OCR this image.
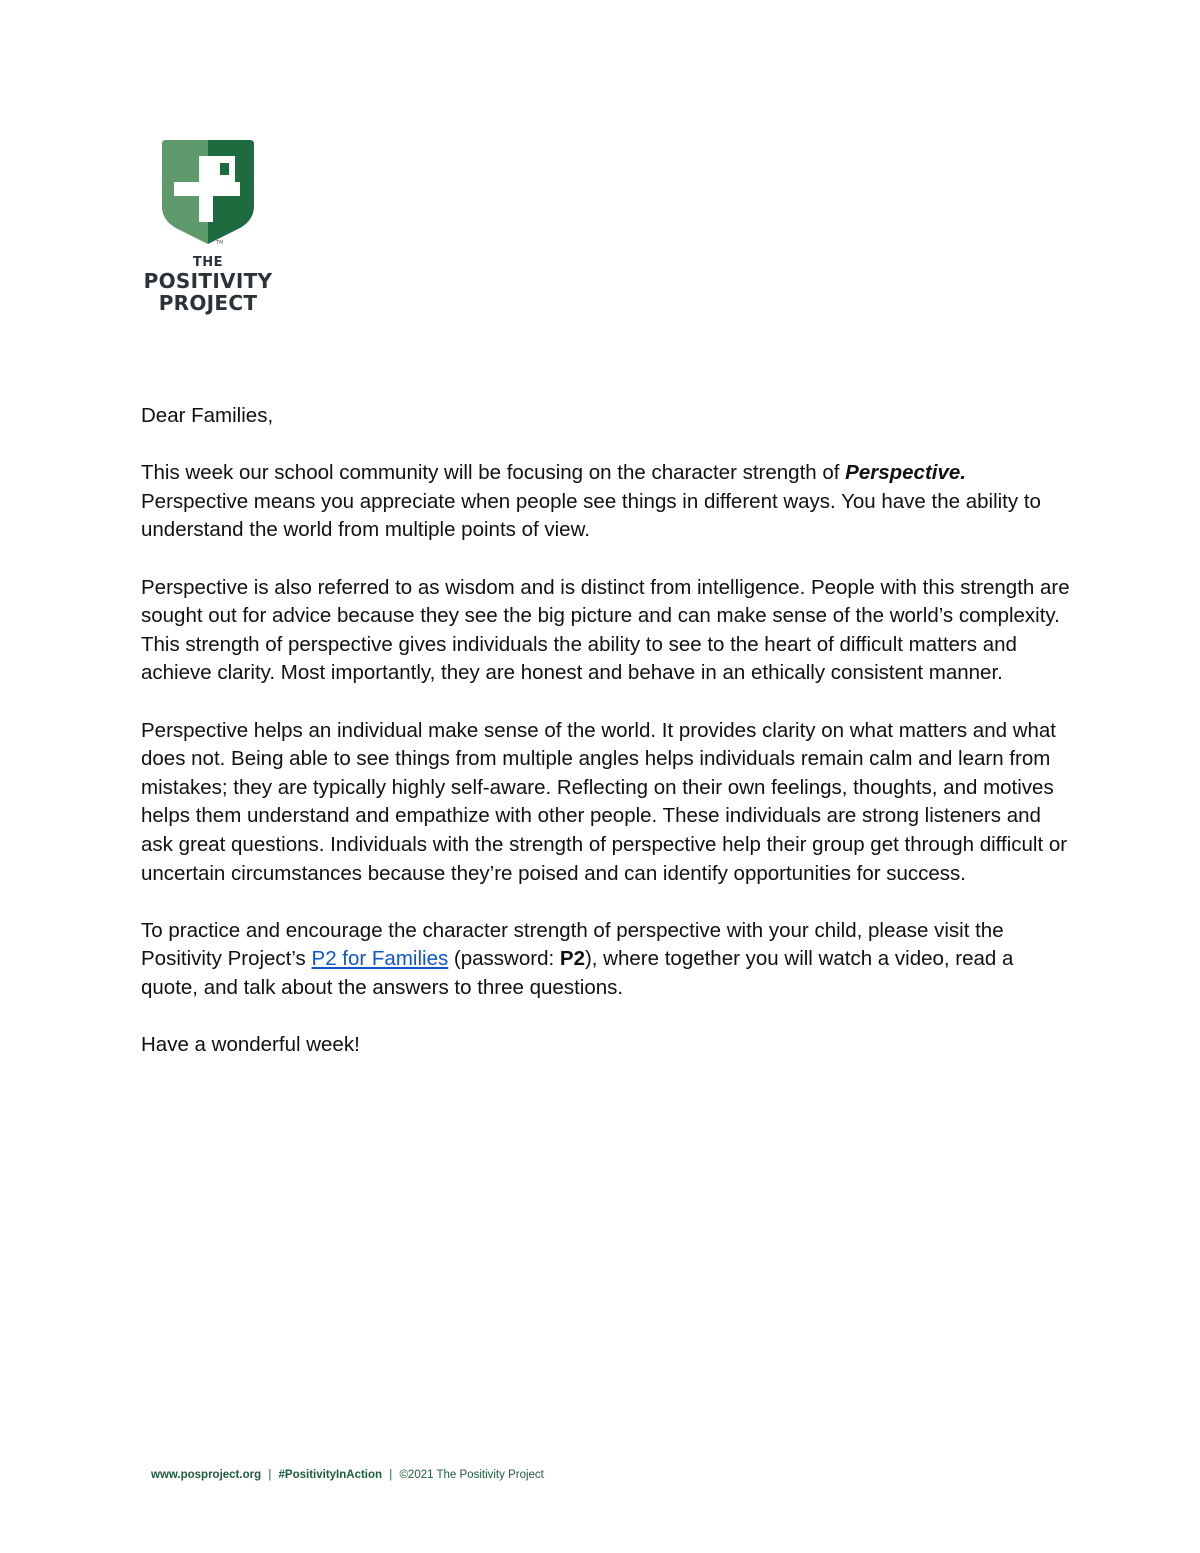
TM
THE
POSITIVITY
PROJECT

Dear Families,

This week our school community will be focusing on the character strength of Perspective. Perspective means you appreciate when people see things in different ways. You have the ability to understand the world from multiple points of view.

Perspective is also referred to as wisdom and is distinct from intelligence. People with this strength are sought out for advice because they see the big picture and can make sense of the world’s complexity. This strength of perspective gives individuals the ability to see to the heart of difficult matters and achieve clarity. Most importantly, they are honest and behave in an ethically consistent manner.

Perspective helps an individual make sense of the world. It provides clarity on what matters and what does not. Being able to see things from multiple angles helps individuals remain calm and learn from mistakes; they are typically highly self-aware. Reflecting on their own feelings, thoughts, and motives helps them understand and empathize with other people. These individuals are strong listeners and ask great questions. Individuals with the strength of perspective help their group get through difficult or uncertain circumstances because they’re poised and can identify opportunities for success.

To practice and encourage the character strength of perspective with your child, please visit the Positivity Project’s P2 for Families (password: P2), where together you will watch a video, read a quote, and talk about the answers to three questions.

Have a wonderful week!

www.posproject.org | #PositivityInAction | ©2021 The Positivity Project
